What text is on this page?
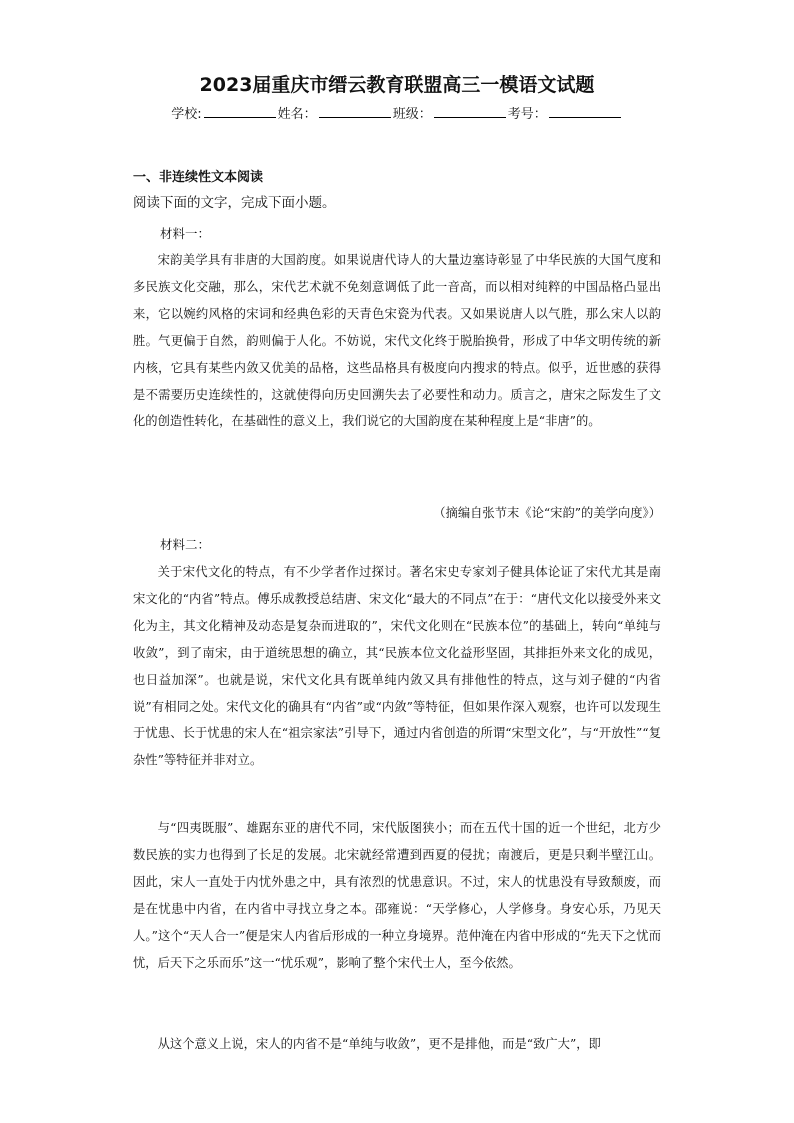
2023届重庆市缙云教育联盟高三一模语文试题
学校:	姓名：	班级：	考号：
一、非连续性文本阅读
阅读下面的文字，完成下面小题。
材料一：

宋韵美学具有非唐的大国韵度。如果说唐代诗人的大量边塞诗彰显了中华民族的大国气度和多民族文化交融，那么，宋代艺术就不免刻意调低了此一音高，而以相对纯粹的中国品格凸显出来，它以婉约风格的宋词和经典色彩的天青色宋瓷为代表。又如果说唐人以气胜，那么宋人以韵胜。气更偏于自然，韵则偏于人化。不妨说，宋代文化终于脱胎换骨，形成了中华文明传统的新内核，它具有某些内敛又优美的品格，这些品格具有极度向内搜求的特点。似乎，近世感的获得是不需要历史连续性的，这就使得向历史回溯失去了必要性和动力。质言之，唐宋之际发生了文化的创造性转化，在基础性的意义上，我们说它的大国韵度在某种程度上是“非唐”的。

（摘编自张节末《论“宋韵”的美学向度》）
材料二：

关于宋代文化的特点，有不少学者作过探讨。著名宋史专家刘子健具体论证了宋代尤其是南宋文化的“内省”特点。傅乐成教授总结唐、宋文化“最大的不同点”在于：“唐代文化以接受外来文化为主，其文化精神及动态是复杂而进取的”，宋代文化则在“民族本位”的基础上，转向“单纯与收敛”，到了南宋，由于道统思想的确立，其“民族本位文化益形坚固，其排拒外来文化的成见，也日益加深”。也就是说，宋代文化具有既单纯内敛又具有排他性的特点，这与刘子健的“内省说”有相同之处。宋代文化的确具有“内省”或“内敛”等特征，但如果作深入观察，也许可以发现生于忧患、长于忧患的宋人在“祖宗家法”引导下，通过内省创造的所谓“宋型文化”，与“开放性”“复杂性”等特征并非对立。

与“四夷既服”、雄踞东亚的唐代不同，宋代版图狭小；而在五代十国的近一个世纪，北方少数民族的实力也得到了长足的发展。北宋就经常遭到西夏的侵扰；南渡后，更是只剩半壁江山。因此，宋人一直处于内忧外患之中，具有浓烈的忧患意识。不过，宋人的忧患没有导致颓废，而是在忧患中内省，在内省中寻找立身之本。邵雍说：“天学修心，人学修身。身安心乐，乃见天人。”这个“天人合一”便是宋人内省后形成的一种立身境界。范仲淹在内省中形成的“先天下之忧而忧，后天下之乐而乐”这一“忧乐观”，影响了整个宋代士人，至今依然。

从这个意义上说，宋人的内省不是“单纯与收敛”，更不是排他，而是“致广大”，即
